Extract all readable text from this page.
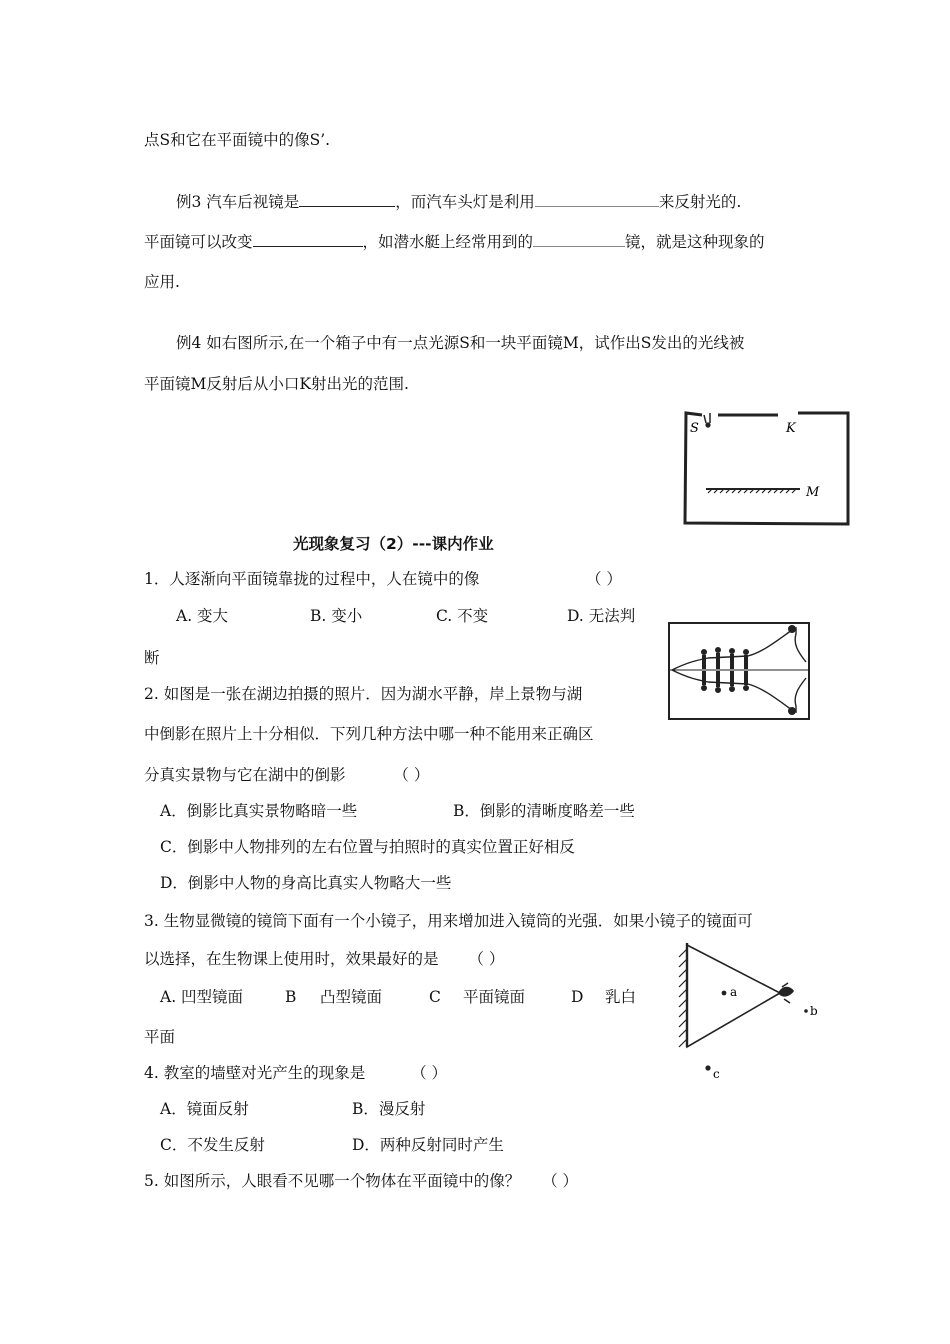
点S和它在平面镜中的像S’.
例3 汽车后视镜是	，而汽车头灯是利用	来反射光的.
平面镜可以改变	，如潜水艇上经常用到的	镜，就是这种现象的
应用.
例4 如右图所示,在一个箱子中有一点光源S和一块平面镜M，试作出S发出的光线被
平面镜M反射后从小口K射出光的范围.
S	K
M
光现象复习（2）---课内作业
1．人逐渐向平面镜靠拢的过程中，人在镜中的像	（ ）
A. 变大	B. 变小	C. 不变	D. 无法判
断
2. 如图是一张在湖边拍摄的照片．因为湖水平静，岸上景物与湖
中倒影在照片上十分相似．下列几种方法中哪一种不能用来正确区
分真实景物与它在湖中的倒影	（ ）
A．倒影比真实景物略暗一些	B．倒影的清晰度略差一些
C．倒影中人物排列的左右位置与拍照时的真实位置正好相反
D．倒影中人物的身高比真实人物略大一些
3. 生物显微镜的镜筒下面有一个小镜子，用来增加进入镜筒的光强．如果小镜子的镜面可
以选择，在生物课上使用时，效果最好的是 （ ）
A. 凹型镜面	B 凸型镜面	C 平面镜面	D 乳白
平面
a
b
c
4. 教室的墙壁对光产生的现象是	（ ）
A．镜面反射	B．漫反射
C．不发生反射	D．两种反射同时产生
5. 如图所示，人眼看不见哪一个物体在平面镜中的像？ （ ）
